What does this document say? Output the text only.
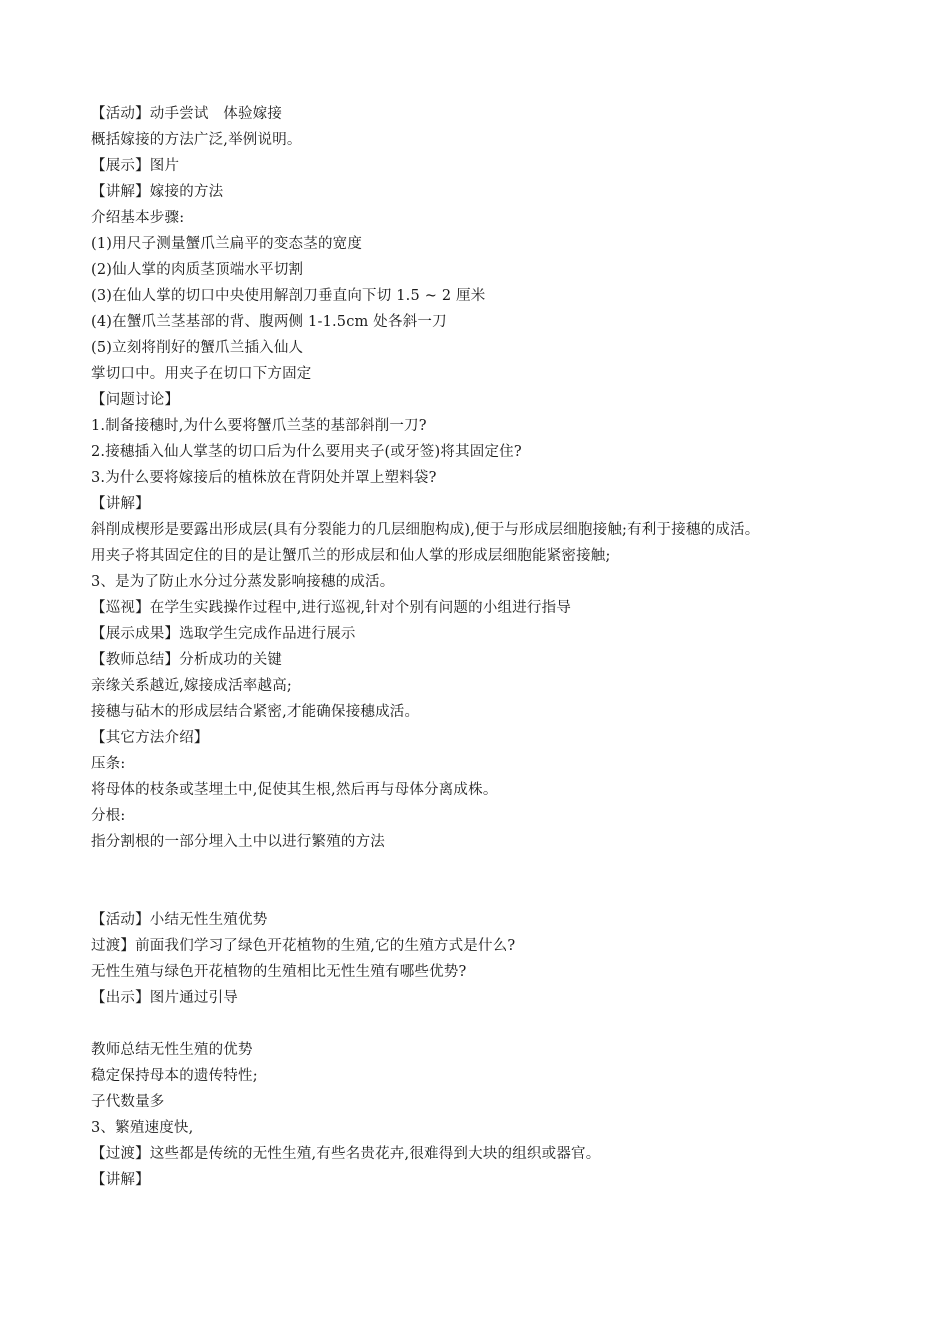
【活动】动手尝试　体验嫁接
概括嫁接的方法广泛,举例说明。
【展示】图片
【讲解】嫁接的方法
介绍基本步骤:
(1)用尺子测量蟹爪兰扁平的变态茎的宽度
(2)仙人掌的肉质茎顶端水平切割
(3)在仙人掌的切口中央使用解剖刀垂直向下切 1.5 ~ 2 厘米
(4)在蟹爪兰茎基部的背、腹两侧 1-1.5cm 处各斜一刀
(5)立刻将削好的蟹爪兰插入仙人
掌切口中。用夹子在切口下方固定
【问题讨论】
1.制备接穗时,为什么要将蟹爪兰茎的基部斜削一刀?
2.接穗插入仙人掌茎的切口后为什么要用夹子(或牙签)将其固定住?
3.为什么要将嫁接后的植株放在背阴处并罩上塑料袋?
【讲解】
斜削成楔形是要露出形成层(具有分裂能力的几层细胞构成),便于与形成层细胞接触;有利于接穗的成活。
用夹子将其固定住的目的是让蟹爪兰的形成层和仙人掌的形成层细胞能紧密接触;
3、是为了防止水分过分蒸发影响接穗的成活。
【巡视】在学生实践操作过程中,进行巡视,针对个别有问题的小组进行指导
【展示成果】选取学生完成作品进行展示
【教师总结】分析成功的关键
亲缘关系越近,嫁接成活率越高;
接穗与砧木的形成层结合紧密,才能确保接穗成活。
【其它方法介绍】
压条:
将母体的枝条或茎埋土中,促使其生根,然后再与母体分离成株。
分根:
指分割根的一部分埋入土中以进行繁殖的方法
【活动】小结无性生殖优势
过渡】前面我们学习了绿色开花植物的生殖,它的生殖方式是什么?
无性生殖与绿色开花植物的生殖相比无性生殖有哪些优势?
【出示】图片通过引导
教师总结无性生殖的优势
稳定保持母本的遗传特性;
子代数量多
3、繁殖速度快,
【过渡】这些都是传统的无性生殖,有些名贵花卉,很难得到大块的组织或器官。
【讲解】
